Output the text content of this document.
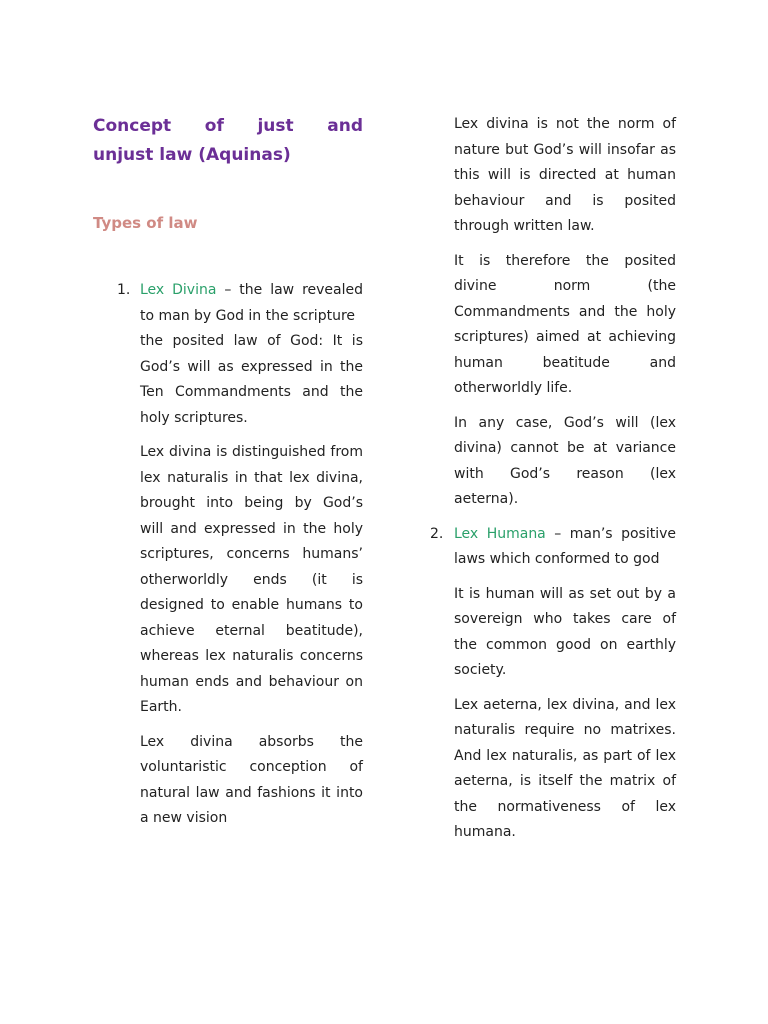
Concept of just and
unjust law (Aquinas)
Types of law
1. Lex Divina – the law revealed to man by God in the scripture

the posited law of God: It is God’s will as expressed in the Ten Commandments and the holy scriptures.

Lex divina is distinguished from lex naturalis in that lex divina, brought into being by God’s will and expressed in the holy scriptures, concerns humans’ otherworldly ends (it is designed to enable humans to achieve eternal beatitude), whereas lex naturalis concerns human ends and behaviour on Earth.

Lex divina absorbs the voluntaristic conception of natural law and fashions it into a new vision

Lex divina is not the norm of nature but God’s will insofar as this will is directed at human behaviour and is posited through written law.

It is therefore the posited divine norm (the Commandments and the holy scriptures) aimed at achieving human beatitude and otherworldly life.

In any case, God’s will (lex divina) cannot be at variance with God’s reason (lex aeterna).

2. Lex Humana – man’s positive laws which conformed to god

It is human will as set out by a sovereign who takes care of the common good on earthly society.

Lex aeterna, lex divina, and lex naturalis require no matrixes. And lex naturalis, as part of lex aeterna, is itself the matrix of the normativeness of lex humana.
